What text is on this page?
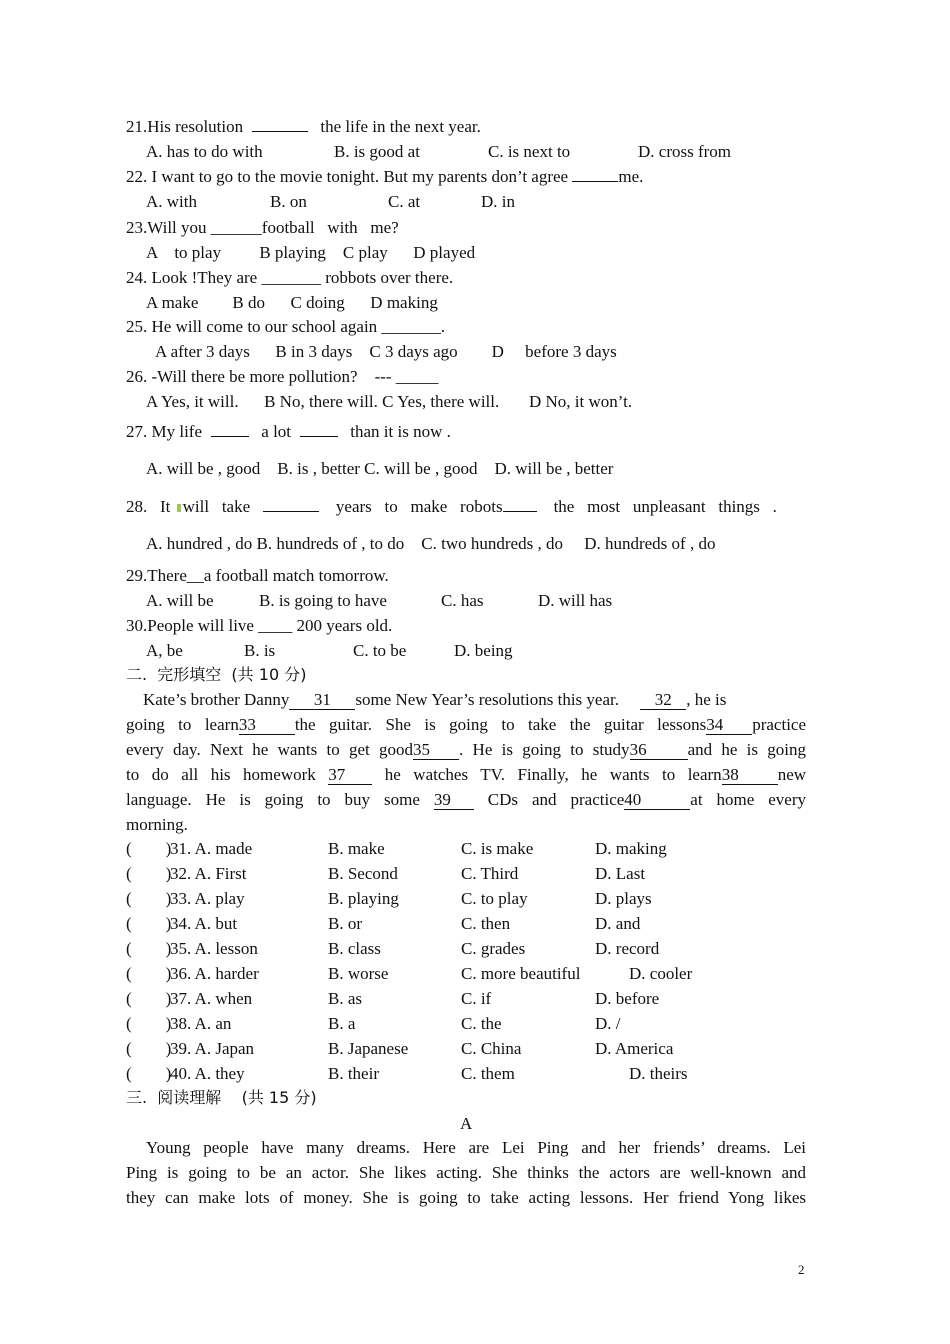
21.His resolution	the life in the next year.
A. has to do with	B. is good at	C. is next to	D. cross from
22. I want to go to the movie tonight. But my parents don’t agree	me.
A. with	B. on	C. at	D. in
23.Will you ______football   with   me?
A    to play         B playing    C play      D played
24. Look !They are _______ robbots over there.
A make        B do      C doing      D making
25. He will come to our school again _______.
A after 3 days      B in 3 days    C 3 days ago        D     before 3 days
26. -Will there be more pollution?    --- _____
A Yes, it will.      B No, there will. C Yes, there will.       D No, it won’t.
27. My life	a lot	than it is now .
A. will be , good    B. is , better C. will be , good    D. will be , better
28.   It will   take	years   to   make   robots	the   most   unpleasant   things   .
A. hundred , do B. hundreds of , to do    C. two hundreds , do     D. hundreds of , do
29.There__a football match tomorrow.
A. will be	B. is going to have	C. has	D. will has
30.People will live ____ 200 years old.
A, be	B. is	C. to be	D. being
二.  完形填空  (共 10 分)
Kate’s brother Danny 31 some New Year’s resolutions this year. 32 , he is
going to learn33 the guitar. She is going to take the guitar lessons34 practice
every day. Next he wants to get good35 . He is going to study36 and he is going
to do all his homework 37 he watches TV. Finally, he wants to learn38 new
language. He is going to buy some 39 CDs and practice40	at home every
morning.
(        )
31. A. made	B. make	C. is make	D. making
(        )
32. A. First	B. Second	C. Third	D. Last
(        )
33. A. play	B. playing	C. to play	D. plays
(        )
34. A. but	B. or	C. then	D. and
(        )
35. A. lesson	B. class	C. grades	D. record
(        )
36. A. harder	B. worse	C. more beautiful	D. cooler
(        )
37. A. when	B. as	C. if	D. before
(        )
38. A. an	B. a	C. the	D. /
(        )
39. A. Japan	B. Japanese	C. China	D. America
(        )
40. A. they	B. their	C. them	D. theirs
三.  阅读理解    (共 15 分)
A
Young people have many dreams. Here are Lei Ping and her friends’ dreams. Lei
Ping is going to be an actor. She likes acting. She thinks the actors are well-known and
they can make lots of money. She is going to take acting lessons. Her friend Yong likes
2
